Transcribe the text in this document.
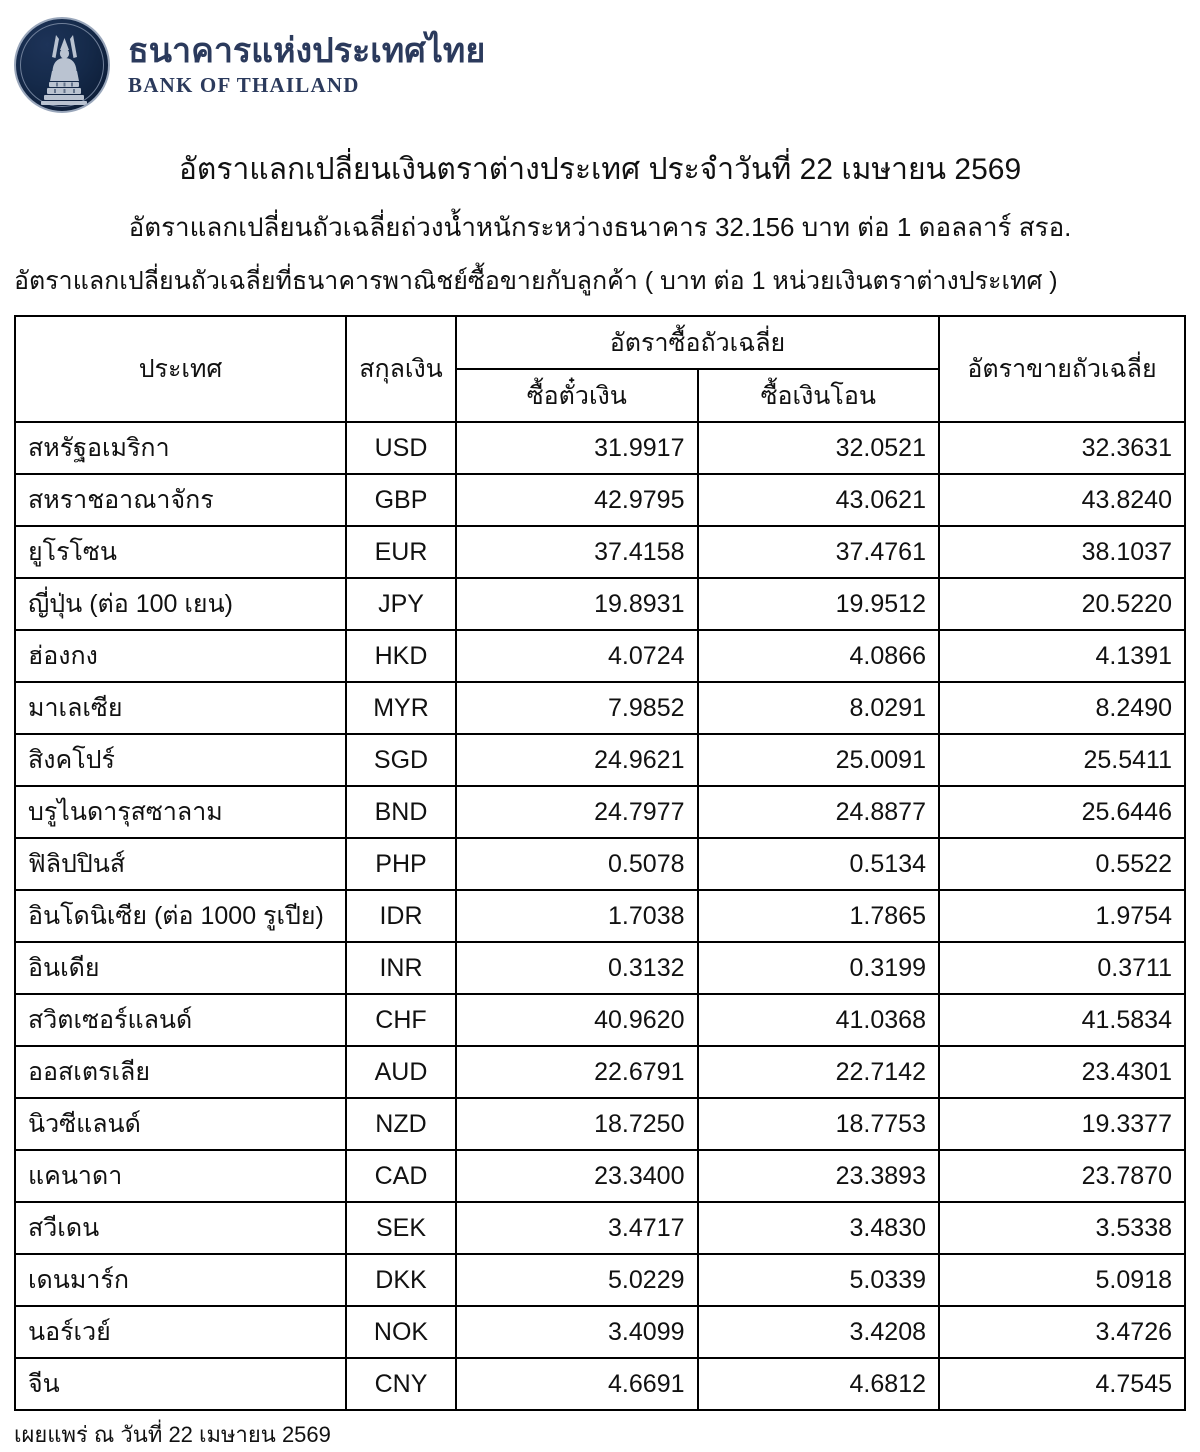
ธนาคารแห่งประเทศไทย
BANK OF THAILAND
อัตราแลกเปลี่ยนเงินตราต่างประเทศ ประจำวันที่ 22 เมษายน 2569
อัตราแลกเปลี่ยนถัวเฉลี่ยถ่วงน้ำหนักระหว่างธนาคาร 32.156 บาท ต่อ 1 ดอลลาร์ สรอ.
อัตราแลกเปลี่ยนถัวเฉลี่ยที่ธนาคารพาณิชย์ซื้อขายกับลูกค้า ( บาท ต่อ 1 หน่วยเงินตราต่างประเทศ )
ประเทศ	สกุลเงิน	อัตราซื้อถัวเฉลี่ย		อัตราขายถัวเฉลี่ย
		ซื้อตั๋วเงิน	ซื้อเงินโอน	
สหรัฐอเมริกา	USD	31.9917	32.0521	32.3631
สหราชอาณาจักร	GBP	42.9795	43.0621	43.8240
ยูโรโซน	EUR	37.4158	37.4761	38.1037
ญี่ปุ่น (ต่อ 100 เยน)	JPY	19.8931	19.9512	20.5220
ฮ่องกง	HKD	4.0724	4.0866	4.1391
มาเลเซีย	MYR	7.9852	8.0291	8.2490
สิงคโปร์	SGD	24.9621	25.0091	25.5411
บรูไนดารุสซาลาม	BND	24.7977	24.8877	25.6446
ฟิลิปปินส์	PHP	0.5078	0.5134	0.5522
อินโดนิเซีย (ต่อ 1000 รูเปีย)	IDR	1.7038	1.7865	1.9754
อินเดีย	INR	0.3132	0.3199	0.3711
สวิตเซอร์แลนด์	CHF	40.9620	41.0368	41.5834
ออสเตรเลีย	AUD	22.6791	22.7142	23.4301
นิวซีแลนด์	NZD	18.7250	18.7753	19.3377
แคนาดา	CAD	23.3400	23.3893	23.7870
สวีเดน	SEK	3.4717	3.4830	3.5338
เดนมาร์ก	DKK	5.0229	5.0339	5.0918
นอร์เวย์	NOK	3.4099	3.4208	3.4726
จีน	CNY	4.6691	4.6812	4.7545
เผยแพร่ ณ วันที่ 22 เมษายน 2569
